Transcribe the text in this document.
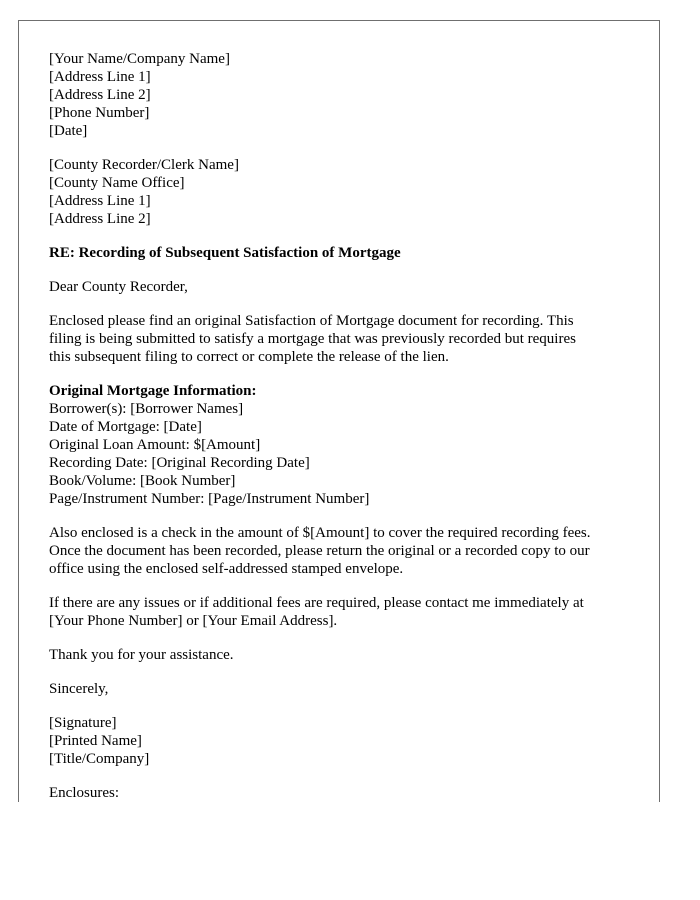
[Your Name/Company Name]
[Address Line 1]
[Address Line 2]
[Phone Number]
[Date]
[County Recorder/Clerk Name]
[County Name Office]
[Address Line 1]
[Address Line 2]
RE: Recording of Subsequent Satisfaction of Mortgage

Dear County Recorder,

Enclosed please find an original Satisfaction of Mortgage document for recording. This
filing is being submitted to satisfy a mortgage that was previously recorded but requires
this subsequent filing to correct or complete the release of the lien.

Original Mortgage Information:
Borrower(s): [Borrower Names]
Date of Mortgage: [Date]
Original Loan Amount: $[Amount]
Recording Date: [Original Recording Date]
Book/Volume: [Book Number]
Page/Instrument Number: [Page/Instrument Number]

Also enclosed is a check in the amount of $[Amount] to cover the required recording fees.
Once the document has been recorded, please return the original or a recorded copy to our
office using the enclosed self-addressed stamped envelope.

If there are any issues or if additional fees are required, please contact me immediately at
[Your Phone Number] or [Your Email Address].

Thank you for your assistance.

Sincerely,

[Signature]
[Printed Name]
[Title/Company]
Enclosures:
